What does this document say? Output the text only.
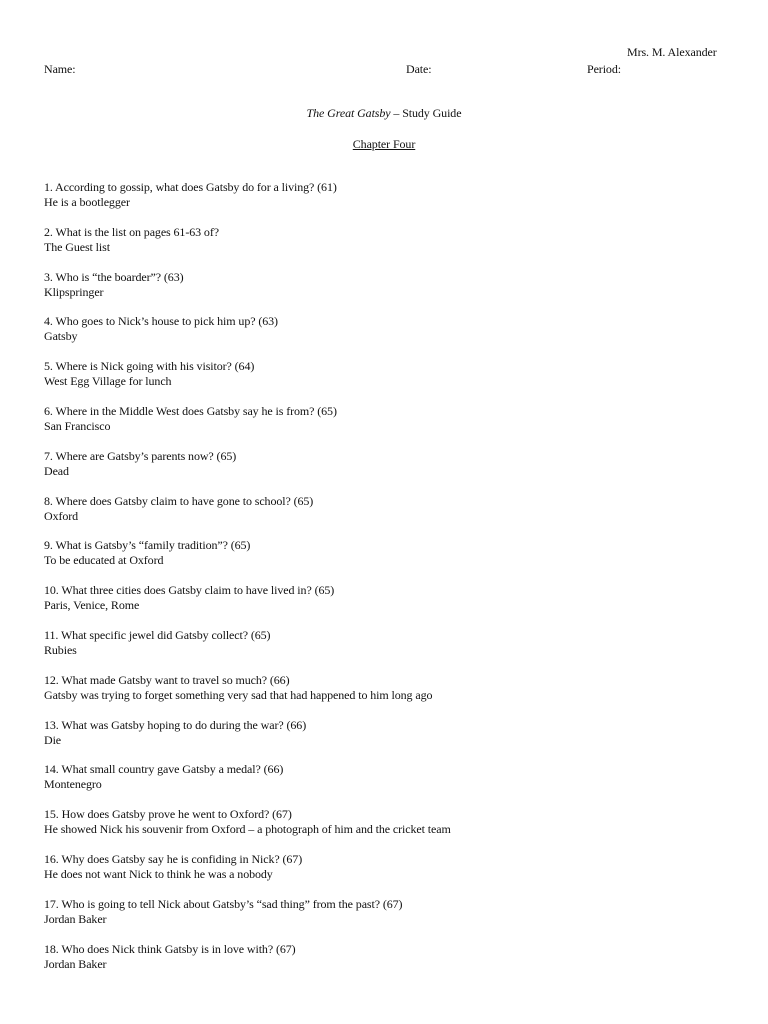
Mrs. M. Alexander
Name:	Date:	Period:
The Great Gatsby – Study Guide
Chapter Four
1. According to gossip, what does Gatsby do for a living? (61)
He is a bootlegger
2. What is the list on pages 61-63 of?
The Guest list
3. Who is “the boarder”? (63)
Klipspringer
4. Who goes to Nick’s house to pick him up? (63)
Gatsby
5. Where is Nick going with his visitor? (64)
West Egg Village for lunch
6. Where in the Middle West does Gatsby say he is from? (65)
San Francisco
7. Where are Gatsby’s parents now? (65)
Dead
8. Where does Gatsby claim to have gone to school? (65)
Oxford
9. What is Gatsby’s “family tradition”? (65)
To be educated at Oxford
10. What three cities does Gatsby claim to have lived in? (65)
Paris, Venice, Rome
11. What specific jewel did Gatsby collect? (65)
Rubies
12. What made Gatsby want to travel so much? (66)
Gatsby was trying to forget something very sad that had happened to him long ago
13. What was Gatsby hoping to do during the war? (66)
Die
14. What small country gave Gatsby a medal? (66)
Montenegro
15. How does Gatsby prove he went to Oxford? (67)
He showed Nick his souvenir from Oxford – a photograph of him and the cricket team
16. Why does Gatsby say he is confiding in Nick? (67)
He does not want Nick to think he was a nobody
17. Who is going to tell Nick about Gatsby’s “sad thing” from the past? (67)
Jordan Baker
18. Who does Nick think Gatsby is in love with? (67)
Jordan Baker
